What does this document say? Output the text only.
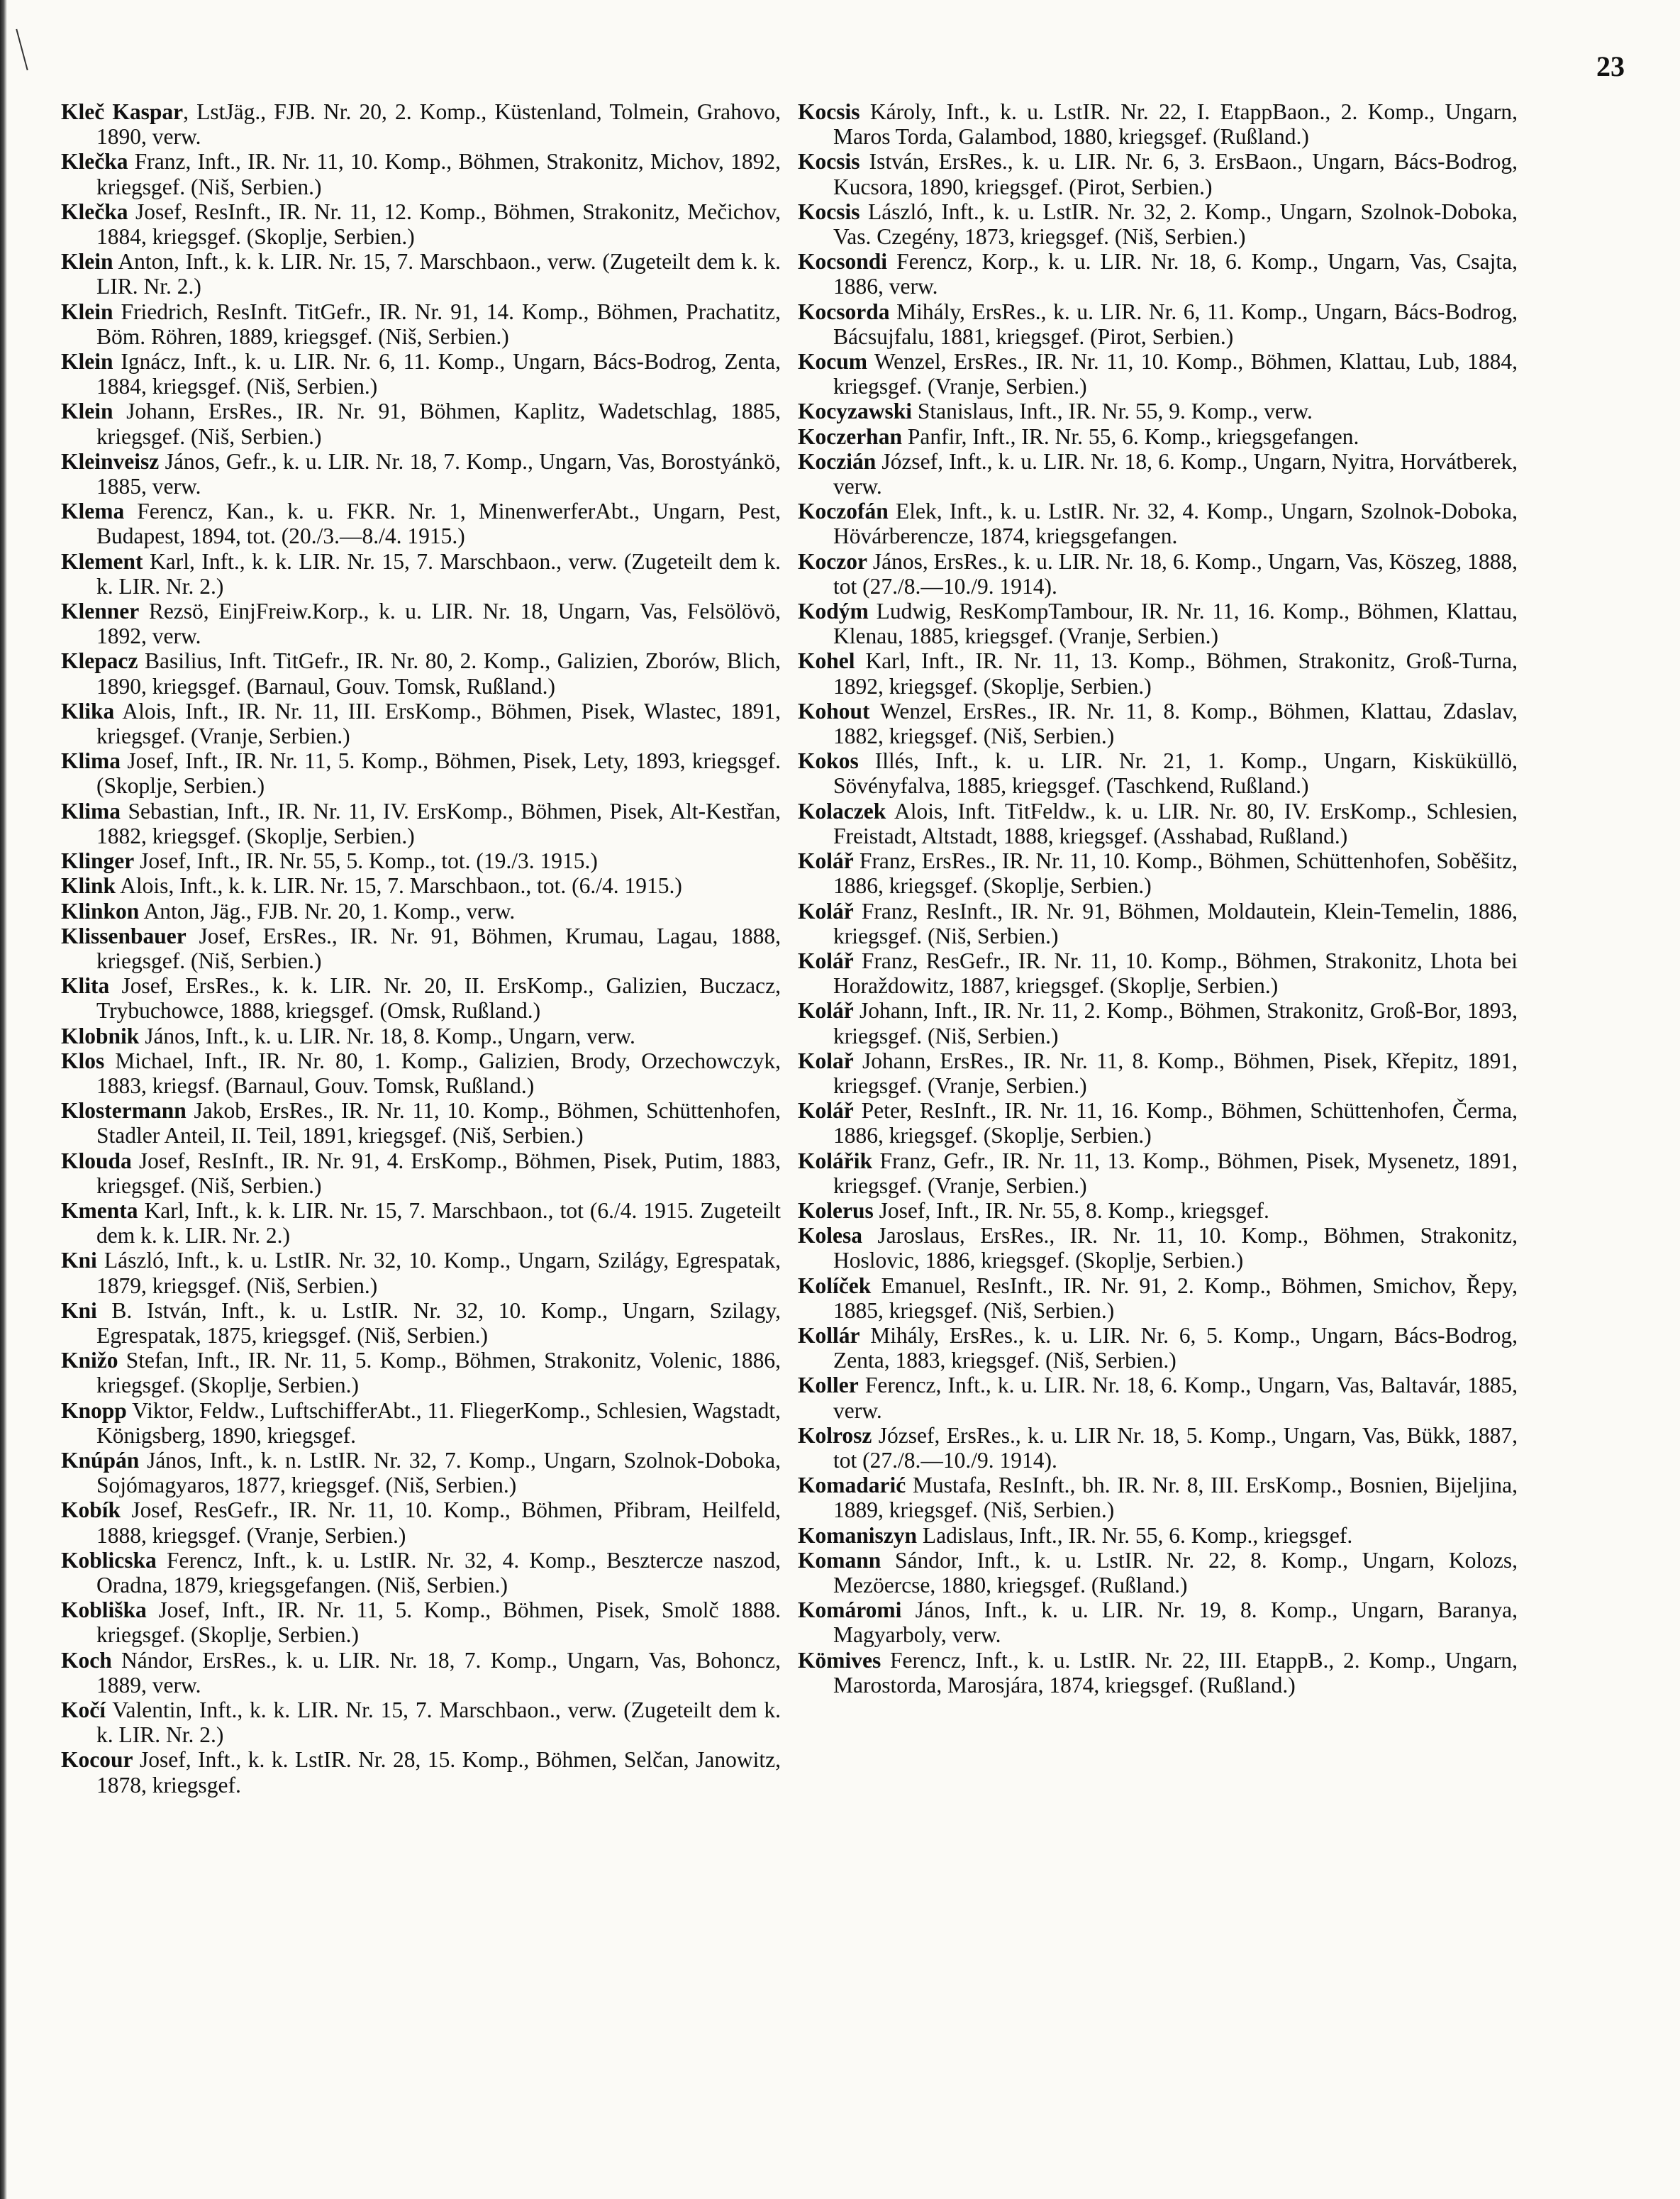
23
Kleč Kaspar, LstJäg., FJB. Nr. 20, 2. Komp., Küstenland, Tolmein, Grahovo, 1890, verw.
Klečka Franz, Inft., IR. Nr. 11, 10. Komp., Böhmen, Strakonitz, Michov, 1892, kriegsgef. (Niš, Serbien.)
Klečka Josef, ResInft., IR. Nr. 11, 12. Komp., Böhmen, Strakonitz, Mečichov, 1884, kriegsgef. (Skoplje, Serbien.)
Klein Anton, Inft., k. k. LIR. Nr. 15, 7. Marschbaon., verw. (Zugeteilt dem k. k. LIR. Nr. 2.)
Klein Friedrich, ResInft. TitGefr., IR. Nr. 91, 14. Komp., Böhmen, Prachatitz, Böm. Röhren, 1889, kriegsgef. (Niš, Serbien.)
Klein Ignácz, Inft., k. u. LIR. Nr. 6, 11. Komp., Ungarn, Bács-Bodrog, Zenta, 1884, kriegsgef. (Niš, Serbien.)
Klein Johann, ErsRes., IR. Nr. 91, Böhmen, Kaplitz, Wadetschlag, 1885, kriegsgef. (Niš, Serbien.)
Kleinveisz János, Gefr., k. u. LIR. Nr. 18, 7. Komp., Ungarn, Vas, Borostyánkö, 1885, verw.
Klema Ferencz, Kan., k. u. FKR. Nr. 1, MinenwerferAbt., Ungarn, Pest, Budapest, 1894, tot. (20./3.—8./4. 1915.)
Klement Karl, Inft., k. k. LIR. Nr. 15, 7. Marschbaon., verw. (Zugeteilt dem k. k. LIR. Nr. 2.)
Klenner Rezsö, EinjFreiw.Korp., k. u. LIR. Nr. 18, Ungarn, Vas, Felsölövö, 1892, verw.
Klepacz Basilius, Inft. TitGefr., IR. Nr. 80, 2. Komp., Galizien, Zborów, Blich, 1890, kriegsgef. (Barnaul, Gouv. Tomsk, Rußland.)
Klika Alois, Inft., IR. Nr. 11, III. ErsKomp., Böhmen, Pisek, Wlastec, 1891, kriegsgef. (Vranje, Serbien.)
Klima Josef, Inft., IR. Nr. 11, 5. Komp., Böhmen, Pisek, Lety, 1893, kriegsgef. (Skoplje, Serbien.)
Klima Sebastian, Inft., IR. Nr. 11, IV. ErsKomp., Böhmen, Pisek, Alt-Kestřan, 1882, kriegsgef. (Skoplje, Serbien.)
Klinger Josef, Inft., IR. Nr. 55, 5. Komp., tot. (19./3. 1915.)
Klink Alois, Inft., k. k. LIR. Nr. 15, 7. Marschbaon., tot. (6./4. 1915.)
Klinkon Anton, Jäg., FJB. Nr. 20, 1. Komp., verw.
Klissenbauer Josef, ErsRes., IR. Nr. 91, Böhmen, Krumau, Lagau, 1888, kriegsgef. (Niš, Serbien.)
Klita Josef, ErsRes., k. k. LIR. Nr. 20, II. ErsKomp., Galizien, Buczacz, Trybuchowce, 1888, kriegsgef. (Omsk, Rußland.)
Klobnik János, Inft., k. u. LIR. Nr. 18, 8. Komp., Ungarn, verw.
Klos Michael, Inft., IR. Nr. 80, 1. Komp., Galizien, Brody, Orzechowczyk, 1883, kriegsf. (Barnaul, Gouv. Tomsk, Rußland.)
Klostermann Jakob, ErsRes., IR. Nr. 11, 10. Komp., Böhmen, Schüttenhofen, Stadler Anteil, II. Teil, 1891, kriegsgef. (Niš, Serbien.)
Klouda Josef, ResInft., IR. Nr. 91, 4. ErsKomp., Böhmen, Pisek, Putim, 1883, kriegsgef. (Niš, Serbien.)
Kmenta Karl, Inft., k. k. LIR. Nr. 15, 7. Marschbaon., tot (6./4. 1915. Zugeteilt dem k. k. LIR. Nr. 2.)
Kni László, Inft., k. u. LstIR. Nr. 32, 10. Komp., Ungarn, Szilágy, Egrespatak, 1879, kriegsgef. (Niš, Serbien.)
Kni B. István, Inft., k. u. LstIR. Nr. 32, 10. Komp., Ungarn, Szilagy, Egrespatak, 1875, kriegsgef. (Niš, Serbien.)
Knižo Stefan, Inft., IR. Nr. 11, 5. Komp., Böhmen, Strakonitz, Volenic, 1886, kriegsgef. (Skoplje, Serbien.)
Knopp Viktor, Feldw., LuftschifferAbt., 11. FliegerKomp., Schlesien, Wagstadt, Königsberg, 1890, kriegsgef.
Knúpán János, Inft., k. n. LstIR. Nr. 32, 7. Komp., Ungarn, Szolnok-Doboka, Sojómagyaros, 1877, kriegsgef. (Niš, Serbien.)
Kobík Josef, ResGefr., IR. Nr. 11, 10. Komp., Böhmen, Přibram, Heilfeld, 1888, kriegsgef. (Vranje, Serbien.)
Koblicska Ferencz, Inft., k. u. LstIR. Nr. 32, 4. Komp., Besztercze naszod, Oradna, 1879, kriegsgefangen. (Niš, Serbien.)
Kobliška Josef, Inft., IR. Nr. 11, 5. Komp., Böhmen, Pisek, Smolč 1888. kriegsgef. (Skoplje, Serbien.)
Koch Nándor, ErsRes., k. u. LIR. Nr. 18, 7. Komp., Ungarn, Vas, Bohoncz, 1889, verw.
Kočí Valentin, Inft., k. k. LIR. Nr. 15, 7. Marschbaon., verw. (Zugeteilt dem k. k. LIR. Nr. 2.)
Kocour Josef, Inft., k. k. LstIR. Nr. 28, 15. Komp., Böhmen, Selčan, Janowitz, 1878, kriegsgef.
Kocsis Károly, Inft., k. u. LstIR. Nr. 22, I. EtappBaon., 2. Komp., Ungarn, Maros Torda, Galambod, 1880, kriegsgef. (Rußland.)
Kocsis István, ErsRes., k. u. LIR. Nr. 6, 3. ErsBaon., Ungarn, Bács-Bodrog, Kucsora, 1890, kriegsgef. (Pirot, Serbien.)
Kocsis László, Inft., k. u. LstIR. Nr. 32, 2. Komp., Ungarn, Szolnok-Doboka, Vas. Czegény, 1873, kriegsgef. (Niš, Serbien.)
Kocsondi Ferencz, Korp., k. u. LIR. Nr. 18, 6. Komp., Ungarn, Vas, Csajta, 1886, verw.
Kocsorda Mihály, ErsRes., k. u. LIR. Nr. 6, 11. Komp., Ungarn, Bács-Bodrog, Bácsujfalu, 1881, kriegsgef. (Pirot, Serbien.)
Kocum Wenzel, ErsRes., IR. Nr. 11, 10. Komp., Böhmen, Klattau, Lub, 1884, kriegsgef. (Vranje, Serbien.)
Kocyzawski Stanislaus, Inft., IR. Nr. 55, 9. Komp., verw.
Koczerhan Panfir, Inft., IR. Nr. 55, 6. Komp., kriegsgefangen.
Koczián József, Inft., k. u. LIR. Nr. 18, 6. Komp., Ungarn, Nyitra, Horvátberek, verw.
Koczofán Elek, Inft., k. u. LstIR. Nr. 32, 4. Komp., Ungarn, Szolnok-Doboka, Hövárberencze, 1874, kriegsgefangen.
Koczor János, ErsRes., k. u. LIR. Nr. 18, 6. Komp., Ungarn, Vas, Köszeg, 1888, tot (27./8.—10./9. 1914).
Kodým Ludwig, ResKompTambour, IR. Nr. 11, 16. Komp., Böhmen, Klattau, Klenau, 1885, kriegsgef. (Vranje, Serbien.)
Kohel Karl, Inft., IR. Nr. 11, 13. Komp., Böhmen, Strakonitz, Groß-Turna, 1892, kriegsgef. (Skoplje, Serbien.)
Kohout Wenzel, ErsRes., IR. Nr. 11, 8. Komp., Böhmen, Klattau, Zdaslav, 1882, kriegsgef. (Niš, Serbien.)
Kokos Illés, Inft., k. u. LIR. Nr. 21, 1. Komp., Ungarn, Kisküküllö, Sövényfalva, 1885, kriegsgef. (Taschkend, Rußland.)
Kolaczek Alois, Inft. TitFeldw., k. u. LIR. Nr. 80, IV. ErsKomp., Schlesien, Freistadt, Altstadt, 1888, kriegsgef. (Asshabad, Rußland.)
Kolář Franz, ErsRes., IR. Nr. 11, 10. Komp., Böhmen, Schüttenhofen, Soběšitz, 1886, kriegsgef. (Skoplje, Serbien.)
Kolář Franz, ResInft., IR. Nr. 91, Böhmen, Moldautein, Klein-Temelin, 1886, kriegsgef. (Niš, Serbien.)
Kolář Franz, ResGefr., IR. Nr. 11, 10. Komp., Böhmen, Strakonitz, Lhota bei Horaždowitz, 1887, kriegsgef. (Skoplje, Serbien.)
Kolář Johann, Inft., IR. Nr. 11, 2. Komp., Böhmen, Strakonitz, Groß-Bor, 1893, kriegsgef. (Niš, Serbien.)
Kolař Johann, ErsRes., IR. Nr. 11, 8. Komp., Böhmen, Pisek, Křepitz, 1891, kriegsgef. (Vranje, Serbien.)
Kolář Peter, ResInft., IR. Nr. 11, 16. Komp., Böhmen, Schüttenhofen, Čerma, 1886, kriegsgef. (Skoplje, Serbien.)
Kolářik Franz, Gefr., IR. Nr. 11, 13. Komp., Böhmen, Pisek, Mysenetz, 1891, kriegsgef. (Vranje, Serbien.)
Kolerus Josef, Inft., IR. Nr. 55, 8. Komp., kriegsgef.
Kolesa Jaroslaus, ErsRes., IR. Nr. 11, 10. Komp., Böhmen, Strakonitz, Hoslovic, 1886, kriegsgef. (Skoplje, Serbien.)
Kolíček Emanuel, ResInft., IR. Nr. 91, 2. Komp., Böhmen, Smichov, Řepy, 1885, kriegsgef. (Niš, Serbien.)
Kollár Mihály, ErsRes., k. u. LIR. Nr. 6, 5. Komp., Ungarn, Bács-Bodrog, Zenta, 1883, kriegsgef. (Niš, Serbien.)
Koller Ferencz, Inft., k. u. LIR. Nr. 18, 6. Komp., Ungarn, Vas, Baltavár, 1885, verw.
Kolrosz József, ErsRes., k. u. LIR Nr. 18, 5. Komp., Ungarn, Vas, Bükk, 1887, tot (27./8.—10./9. 1914).
Komadarić Mustafa, ResInft., bh. IR. Nr. 8, III. ErsKomp., Bosnien, Bijeljina, 1889, kriegsgef. (Niš, Serbien.)
Komaniszyn Ladislaus, Inft., IR. Nr. 55, 6. Komp., kriegsgef.
Komann Sándor, Inft., k. u. LstIR. Nr. 22, 8. Komp., Ungarn, Kolozs, Mezöercse, 1880, kriegsgef. (Rußland.)
Komáromi János, Inft., k. u. LIR. Nr. 19, 8. Komp., Ungarn, Baranya, Magyarboly, verw.
Kömives Ferencz, Inft., k. u. LstIR. Nr. 22, III. EtappB., 2. Komp., Ungarn, Marostorda, Marosjára, 1874, kriegsgef. (Rußland.)
